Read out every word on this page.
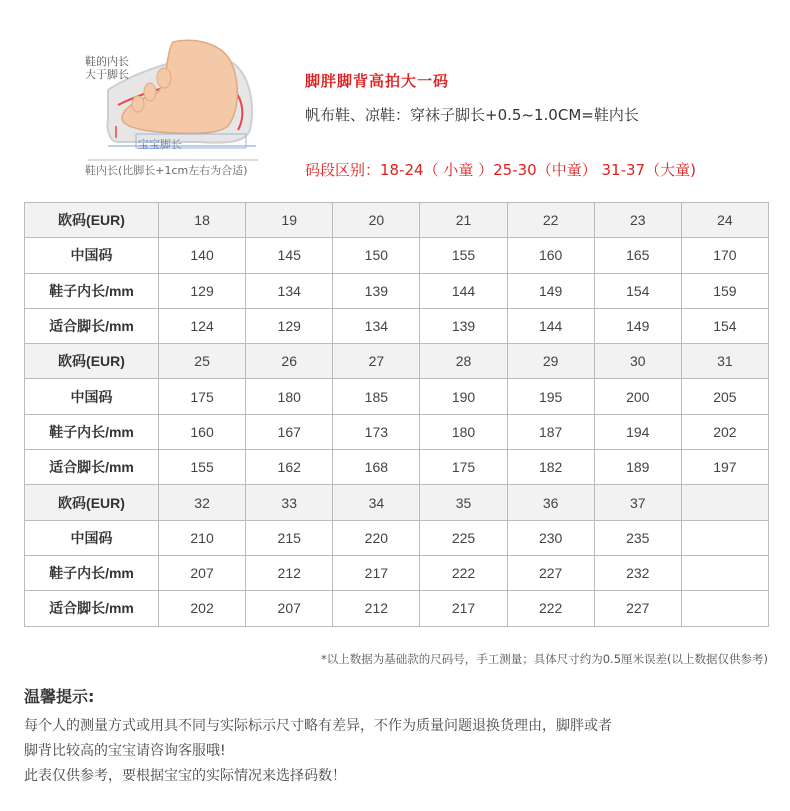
鞋的内长
大于脚长
宝宝脚长
鞋内长(比脚长+1cm左右为合适)
脚胖脚背高拍大一码
帆布鞋、凉鞋：穿袜子脚长+0.5~1.0CM=鞋内长
码段区别：18-24（ 小童 ）25-30（中童） 31-37（大童)
欧码(EUR)	18	19	20	21	22	23	24
中国码	140	145	150	155	160	165	170
鞋子内长/mm	129	134	139	144	149	154	159
适合脚长/mm	124	129	134	139	144	149	154
欧码(EUR)	25	26	27	28	29	30	31
中国码	175	180	185	190	195	200	205
鞋子内长/mm	160	167	173	180	187	194	202
适合脚长/mm	155	162	168	175	182	189	197
欧码(EUR)	32	33	34	35	36	37	
中国码	210	215	220	225	230	235	
鞋子内长/mm	207	212	217	222	227	232	
适合脚长/mm	202	207	212	217	222	227	
*以上数据为基础款的尺码号，手工测量；具体尺寸约为0.5厘米误差(以上数据仅供参考)
温馨提示:
每个人的测量方式或用具不同与实际标示尺寸略有差异，不作为质量问题退换货理由，脚胖或者
脚背比较高的宝宝请咨询客服哦!
此表仅供参考，要根据宝宝的实际情况来选择码数！
